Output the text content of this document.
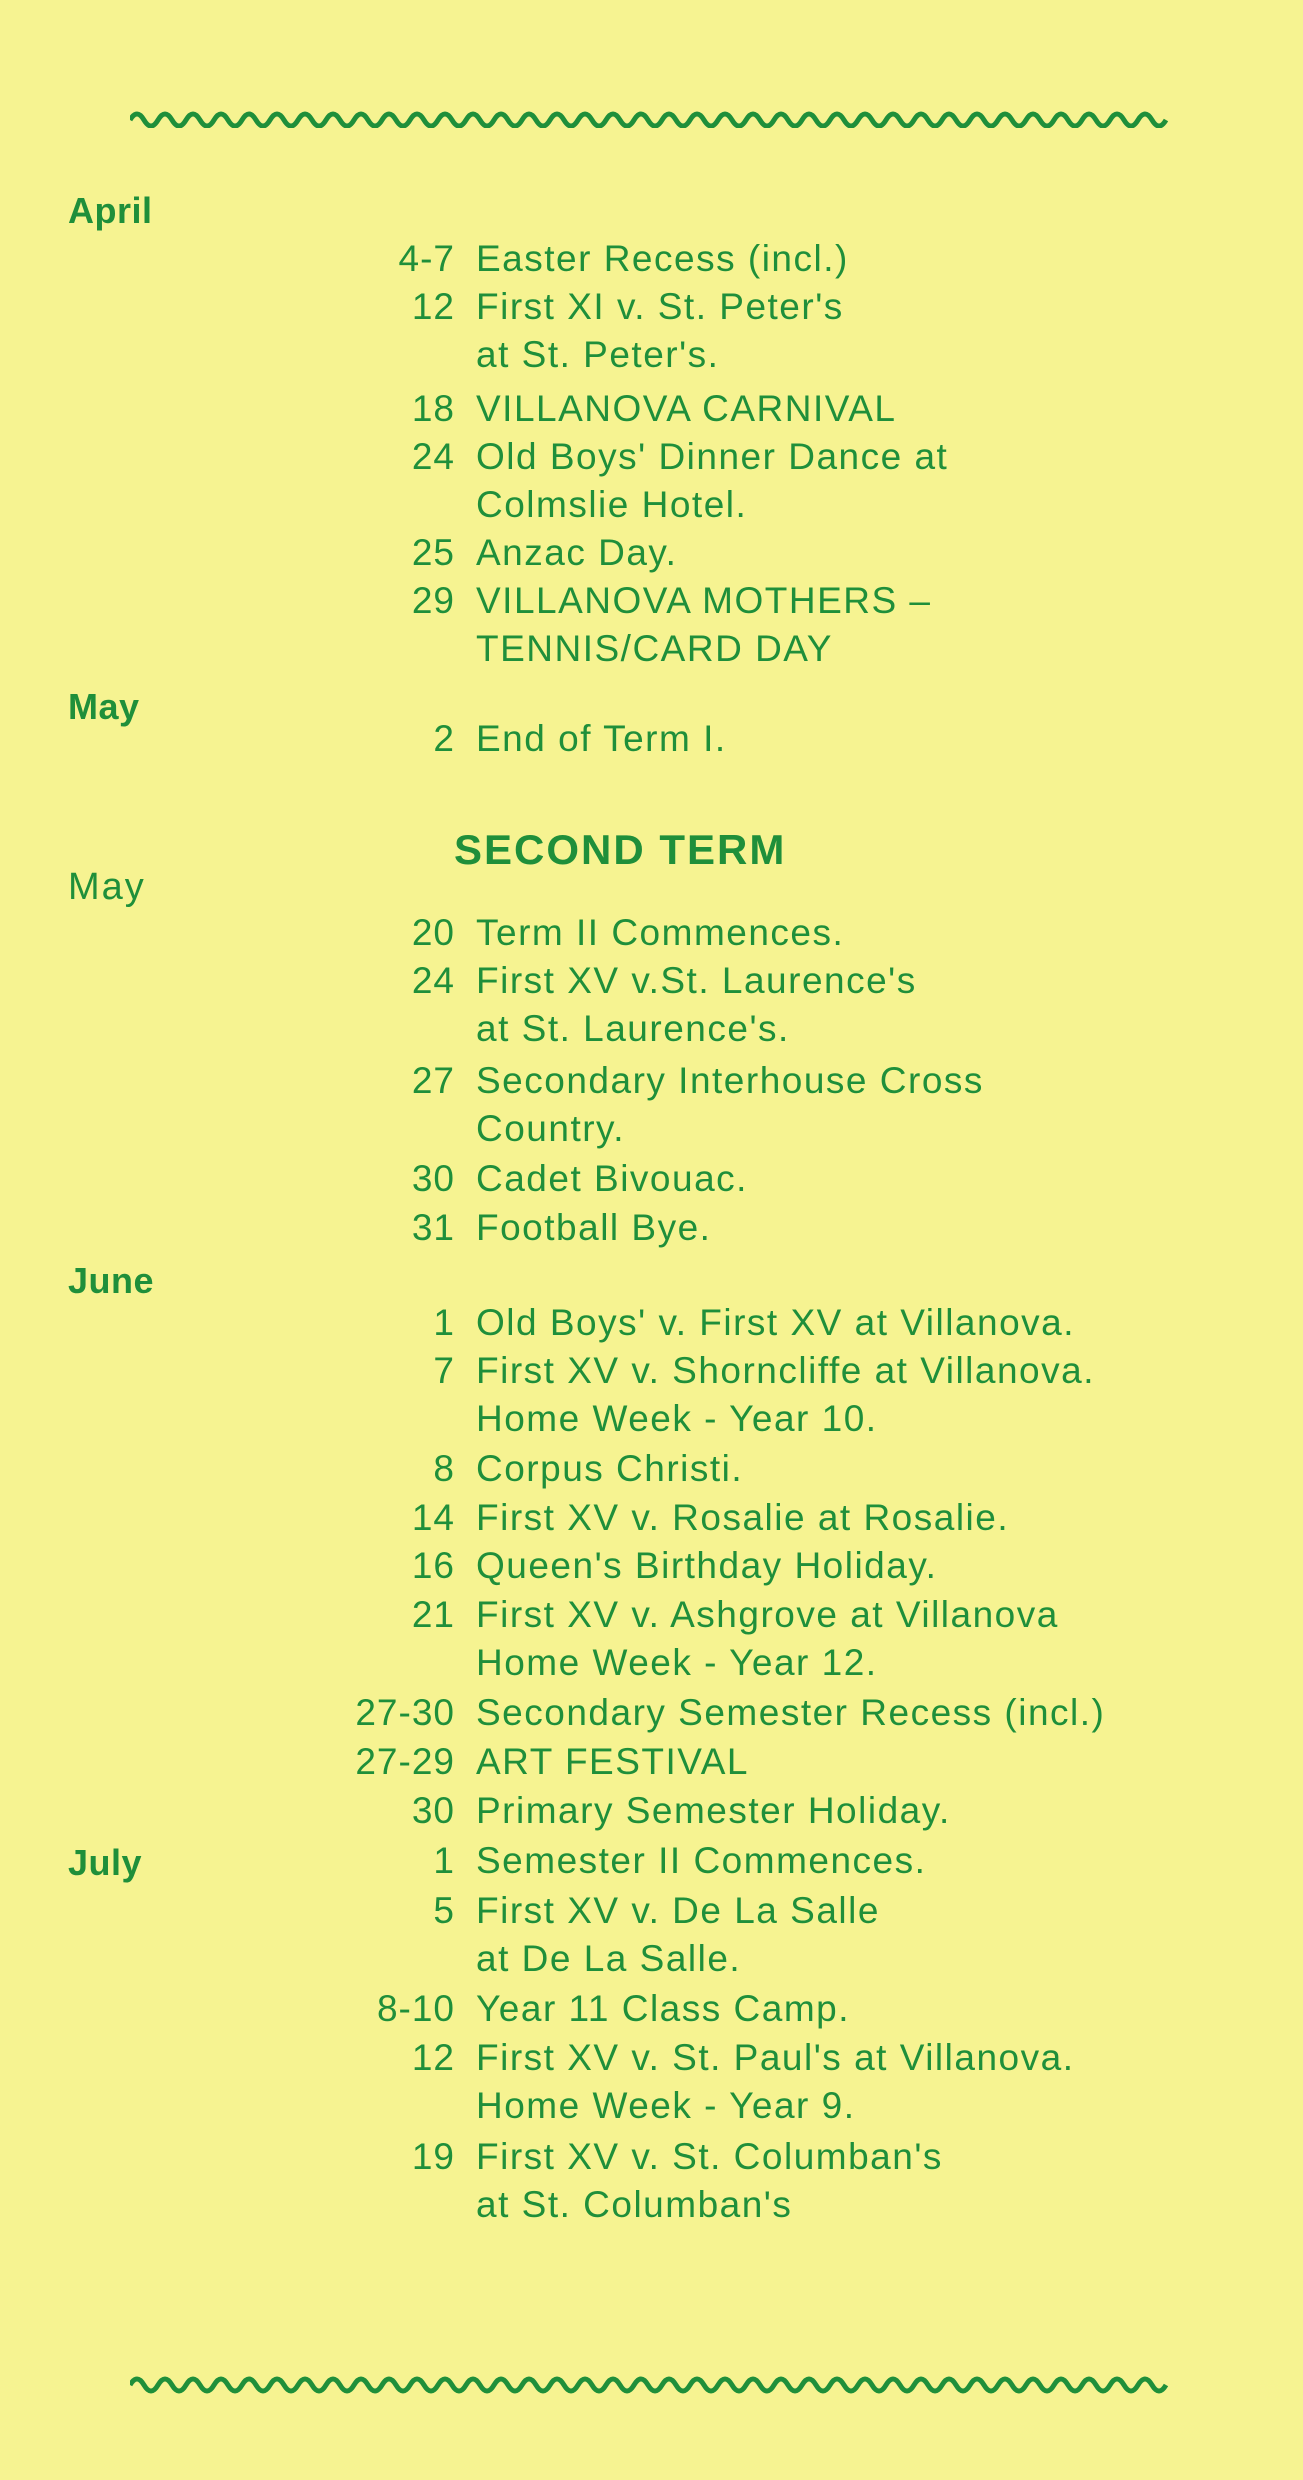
April
May
May
June
July
SECOND TERM
4-7 Easter Recess (incl.)
12 First XI v. St. Peter's
at St. Peter's.
18 VILLANOVA CARNIVAL
24 Old Boys' Dinner Dance at
Colmslie Hotel.
25 Anzac Day.
29 VILLANOVA MOTHERS –
TENNIS/CARD DAY
2 End of Term I.
20 Term II Commences.
24 First XV v.St. Laurence's
at St. Laurence's.
27 Secondary Interhouse Cross
Country.
30 Cadet Bivouac.
31 Football Bye.
1 Old Boys' v. First XV at Villanova.
7 First XV v. Shorncliffe at Villanova.
Home Week - Year 10.
8 Corpus Christi.
14 First XV v. Rosalie at Rosalie.
16 Queen's Birthday Holiday.
21 First XV v. Ashgrove at Villanova
Home Week - Year 12.
27-30 Secondary Semester Recess (incl.)
27-29 ART FESTIVAL
30 Primary Semester Holiday.
1 Semester II Commences.
5 First XV v. De La Salle
at De La Salle.
8-10 Year 11 Class Camp.
12 First XV v. St. Paul's at Villanova.
Home Week - Year 9.
19 First XV v. St. Columban's
at St. Columban's
